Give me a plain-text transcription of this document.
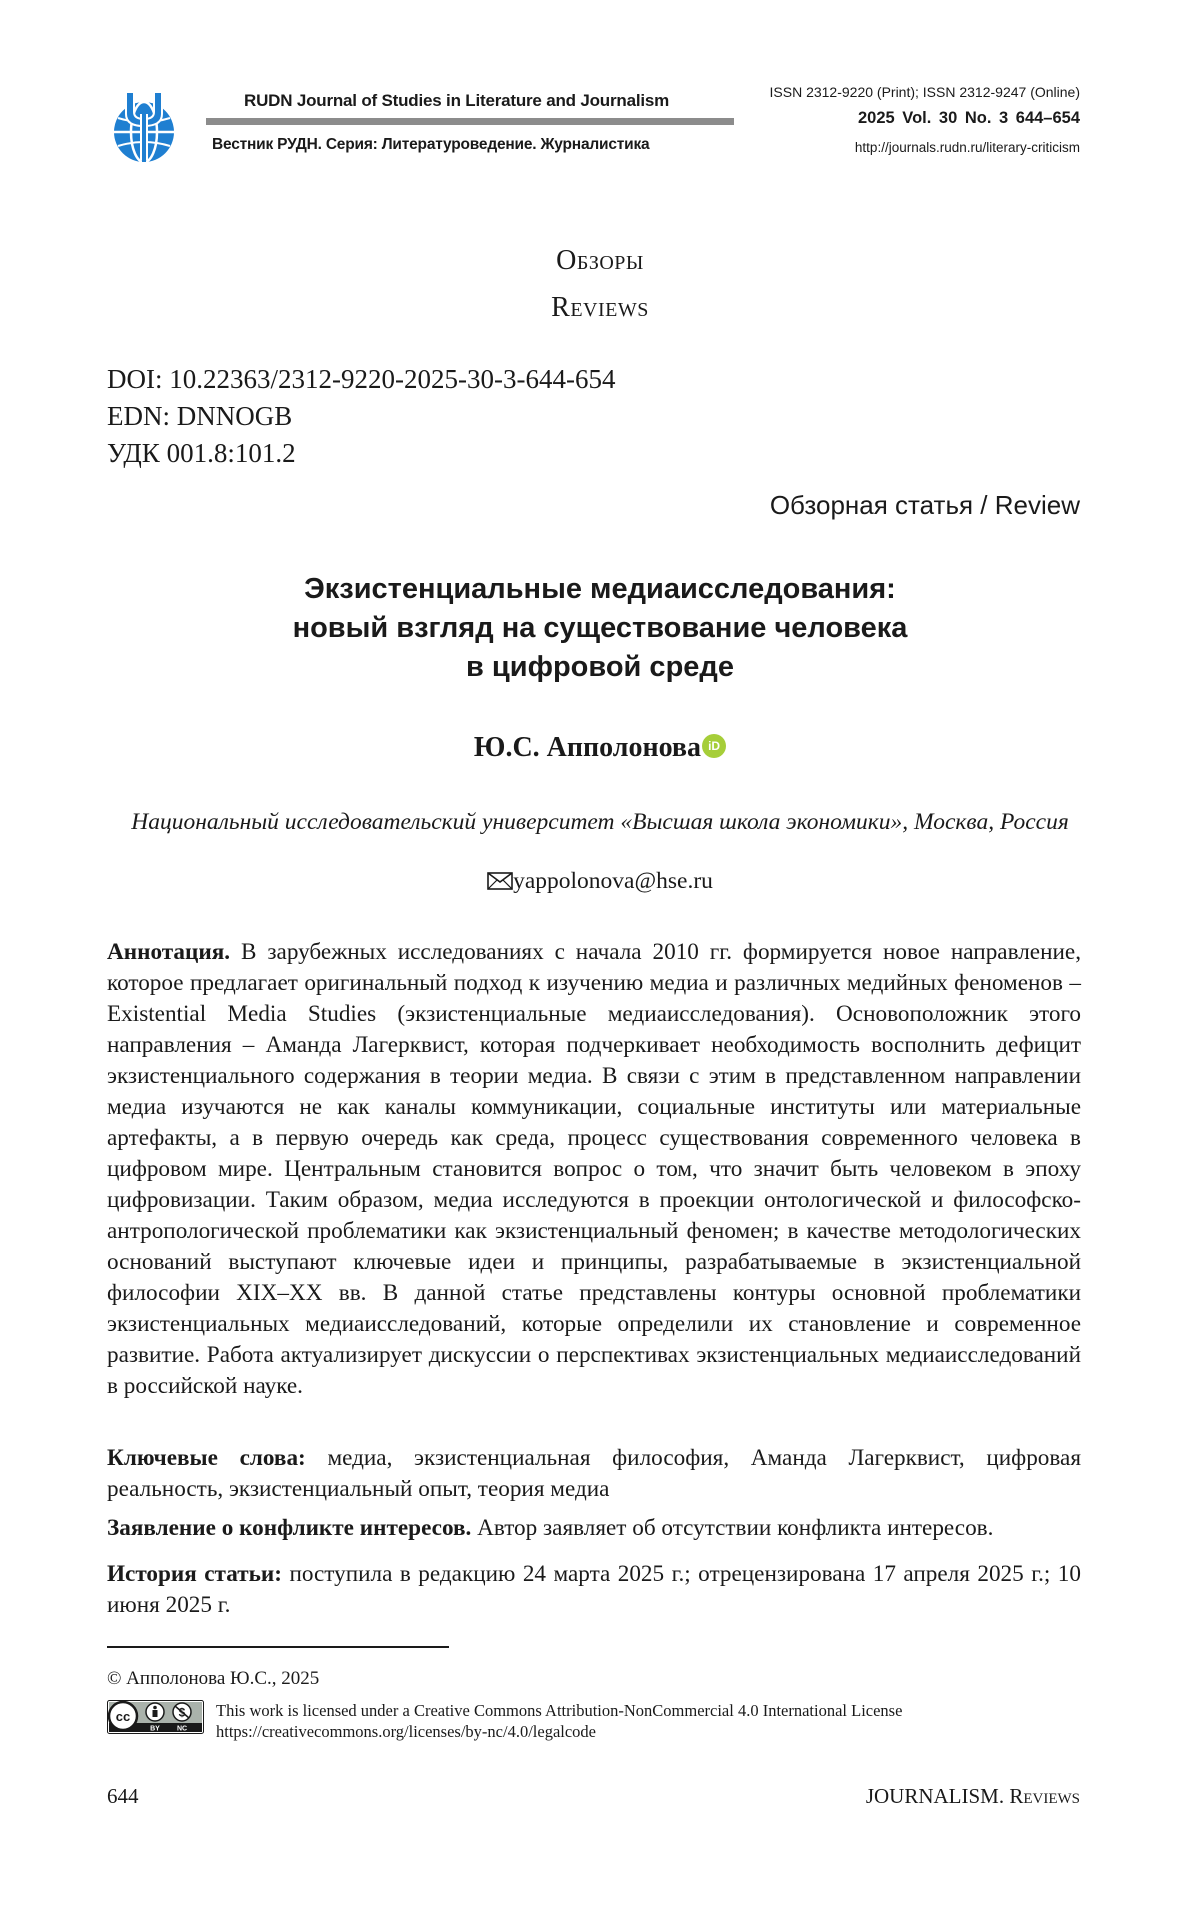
RUDN Journal of Studies in Literature and Journalism
Вестник РУДН. Серия: Литературоведение. Журналистика
ISSN 2312-9220 (Print); ISSN 2312-9247 (Online)
2025 Vol. 30 No. 3 644–654
http://journals.rudn.ru/literary-criticism
Обзоры
Reviews
DOI: 10.22363/2312-9220-2025-30-3-644-654
EDN: DNNOGB
УДК 001.8:101.2
Обзорная статья / Review
Экзистенциальные медиаисследования:
новый взгляд на существование человека
в цифровой среде
Ю.С. Апполонова iD
Национальный исследовательский университет «Высшая школа экономики», Москва, Россия
yappolonova@hse.ru
Аннотация. В зарубежных исследованиях с начала 2010 гг. формируется новое направление, которое предлагает оригинальный подход к изучению медиа и различных медийных феноменов – Existential Media Studies (экзистенциальные медиаисследования). Основоположник этого направления – Аманда Лагерквист, которая подчеркивает необходимость восполнить дефицит экзистенциального содержания в теории медиа. В связи с этим в представленном направлении медиа изучаются не как каналы коммуникации, социальные институты или материальные артефакты, а в первую очередь как среда, процесс существования современного человека в цифровом мире. Центральным становится вопрос о том, что значит быть человеком в эпоху цифровизации. Таким образом, медиа исследуются в проекции онтологической и философско-антропологической проблематики как экзистенциальный феномен; в качестве методологических оснований выступают ключевые идеи и принципы, разрабатываемые в экзистенциальной философии XIX–XX вв. В данной статье представлены контуры основной проблематики экзистенциальных медиаисследований, которые определили их становление и современное развитие. Работа актуализирует дискуссии о перспективах экзистенциальных медиаисследований в российской науке.
Ключевые слова: медиа, экзистенциальная философия, Аманда Лагерквист, цифровая реальность, экзистенциальный опыт, теория медиа
Заявление о конфликте интересов. Автор заявляет об отсутствии конфликта интересов.
История статьи: поступила в редакцию 24 марта 2025 г.; отрецензирована 17 апреля 2025 г.; 10 июня 2025 г.
© Апполонова Ю.С., 2025
cc
BY NC
This work is licensed under a Creative Commons Attribution-NonCommercial 4.0 International License
https://creativecommons.org/licenses/by-nc/4.0/legalcode
644	JOURNALISM. Reviews
